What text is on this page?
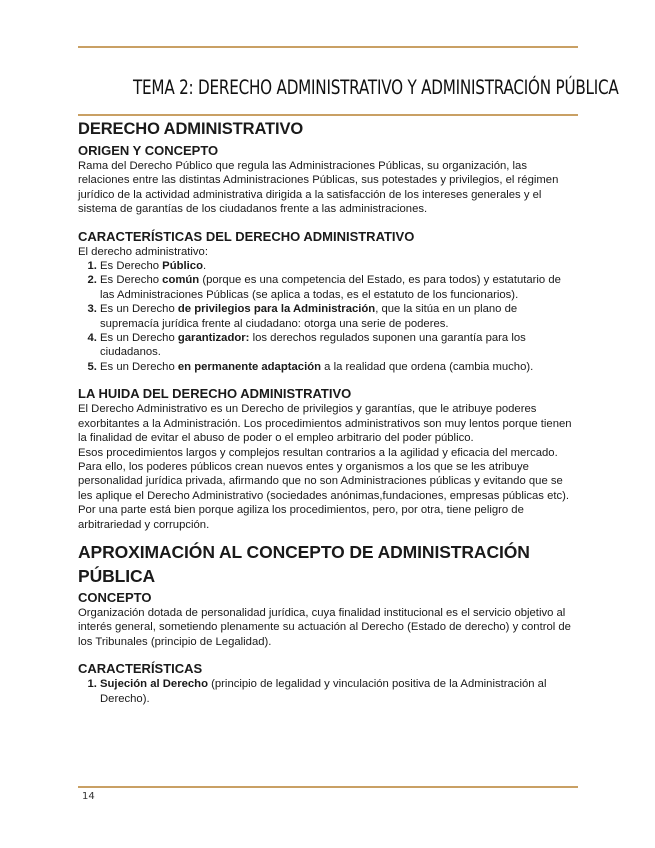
TEMA 2: DERECHO ADMINISTRATIVO Y ADMINISTRACIÓN PÚBLICA
DERECHO ADMINISTRATIVO
ORIGEN Y CONCEPTO

Rama del Derecho Público que regula las Administraciones Públicas, su organización, las relaciones entre las distintas Administraciones Públicas, sus potestades y privilegios, el régimen jurídico de la actividad administrativa dirigida a la satisfacción de los intereses generales y el sistema de garantías de los ciudadanos frente a las administraciones.

CARACTERÍSTICAS DEL DERECHO ADMINISTRATIVO

El derecho administrativo:

1. Es Derecho Público.
2. Es Derecho común (porque es una competencia del Estado, es para todos) y estatutario de las Administraciones Públicas (se aplica a todas, es el estatuto de los funcionarios).
3. Es un Derecho de privilegios para la Administración, que la sitúa en un plano de supremacía jurídica frente al ciudadano: otorga una serie de poderes.
4. Es un Derecho garantizador: los derechos regulados suponen una garantía para los ciudadanos.
5. Es un Derecho en permanente adaptación a la realidad que ordena (cambia mucho).
LA HUIDA DEL DERECHO ADMINISTRATIVO

El Derecho Administrativo es un Derecho de privilegios y garantías, que le atribuye poderes exorbitantes a la Administración. Los procedimientos administrativos son muy lentos porque tienen la finalidad de evitar el abuso de poder o el empleo arbitrario del poder público.

Esos procedimientos largos y complejos resultan contrarios a la agilidad y eficacia del mercado.

Para ello, los poderes públicos crean nuevos entes y organismos a los que se les atribuye personalidad jurídica privada, afirmando que no son Administraciones públicas y evitando que se les aplique el Derecho Administrativo (sociedades anónimas,fundaciones, empresas públicas etc).

Por una parte está bien porque agiliza los procedimientos, pero, por otra, tiene peligro de arbitrariedad y corrupción.

APROXIMACIÓN AL CONCEPTO DE ADMINISTRACIÓN PÚBLICA
CONCEPTO

Organización dotada de personalidad jurídica, cuya finalidad institucional es el servicio objetivo al interés general, sometiendo plenamente su actuación al Derecho (Estado de derecho) y control de los Tribunales (principio de Legalidad).

CARACTERÍSTICAS
1. Sujeción al Derecho (principio de legalidad y vinculación positiva de la Administración al Derecho).
14
